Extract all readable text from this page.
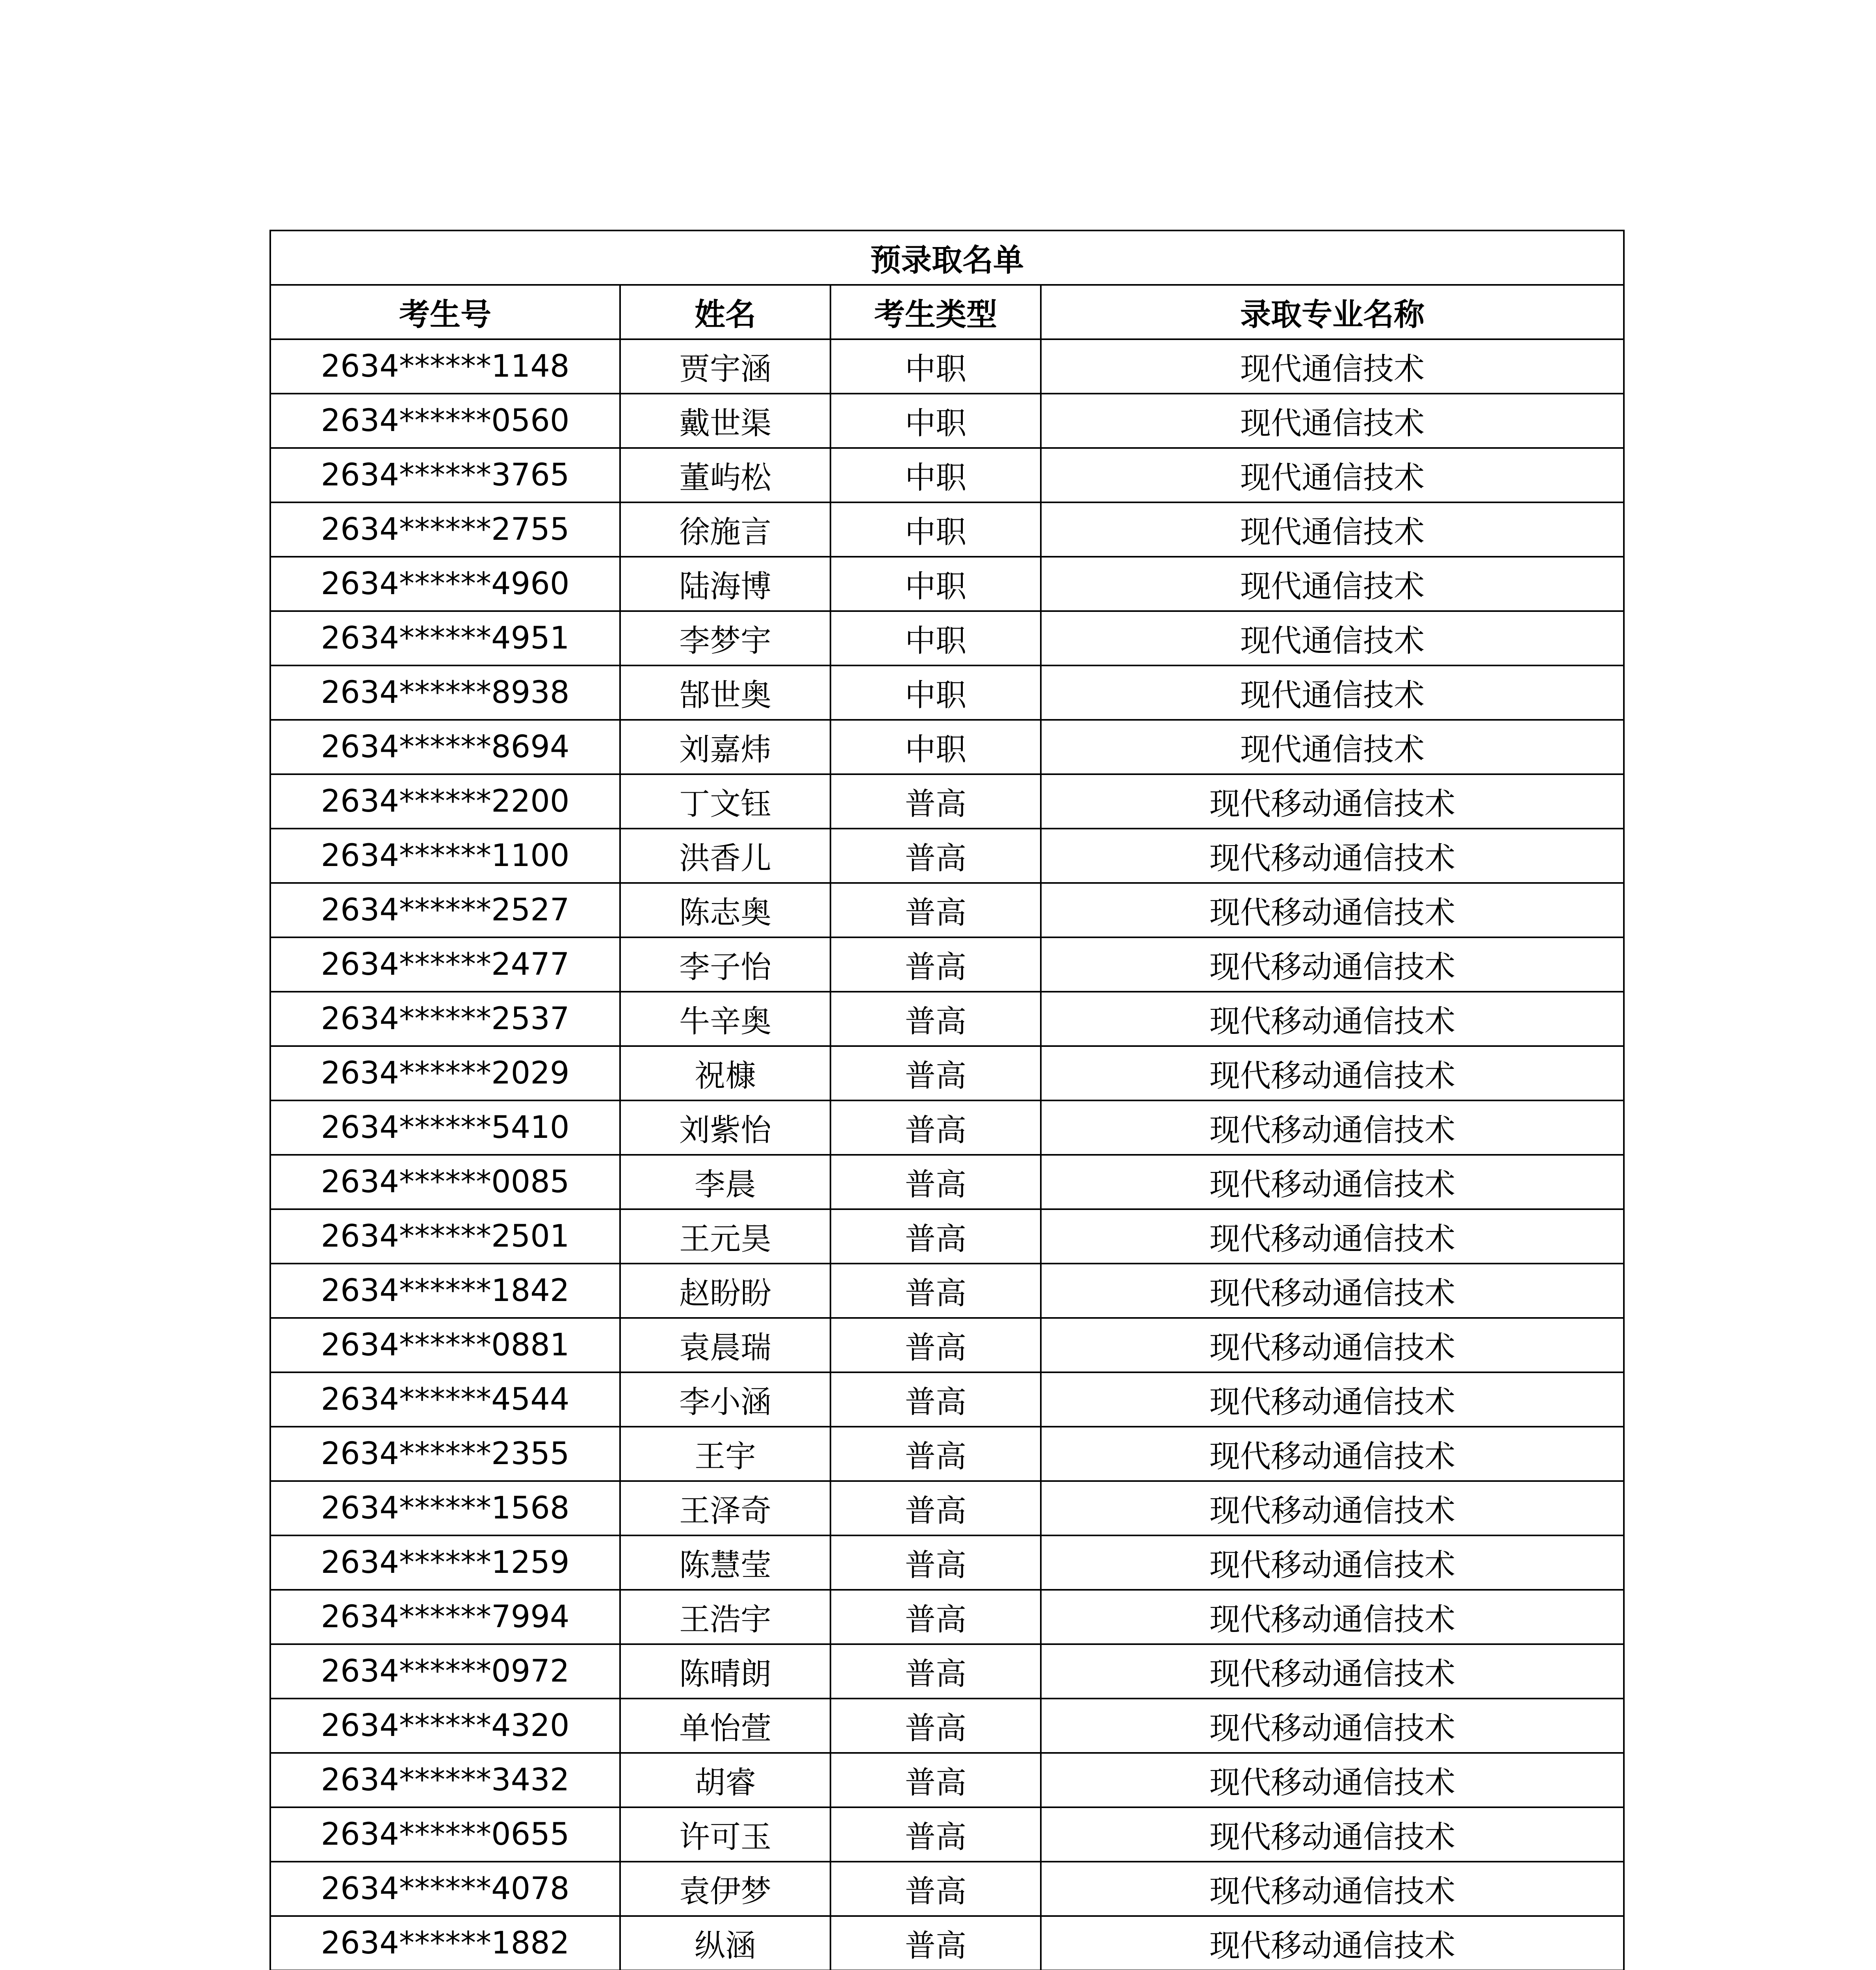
预录取名单			
考生号	姓名	考生类型	录取专业名称
2634******1148	贾宇涵	中职	现代通信技术
2634******0560	戴世渠	中职	现代通信技术
2634******3765	董屿松	中职	现代通信技术
2634******2755	徐施言	中职	现代通信技术
2634******4960	陆海博	中职	现代通信技术
2634******4951	李梦宇	中职	现代通信技术
2634******8938	郜世奥	中职	现代通信技术
2634******8694	刘嘉炜	中职	现代通信技术
2634******2200	丁文钰	普高	现代移动通信技术
2634******1100	洪香儿	普高	现代移动通信技术
2634******2527	陈志奥	普高	现代移动通信技术
2634******2477	李子怡	普高	现代移动通信技术
2634******2537	牛辛奥	普高	现代移动通信技术
2634******2029	祝槺	普高	现代移动通信技术
2634******5410	刘紫怡	普高	现代移动通信技术
2634******0085	李晨	普高	现代移动通信技术
2634******2501	王元昊	普高	现代移动通信技术
2634******1842	赵盼盼	普高	现代移动通信技术
2634******0881	袁晨瑞	普高	现代移动通信技术
2634******4544	李小涵	普高	现代移动通信技术
2634******2355	王宇	普高	现代移动通信技术
2634******1568	王泽奇	普高	现代移动通信技术
2634******1259	陈慧莹	普高	现代移动通信技术
2634******7994	王浩宇	普高	现代移动通信技术
2634******0972	陈晴朗	普高	现代移动通信技术
2634******4320	单怡萱	普高	现代移动通信技术
2634******3432	胡睿	普高	现代移动通信技术
2634******0655	许可玉	普高	现代移动通信技术
2634******4078	袁伊梦	普高	现代移动通信技术
2634******1882	纵涵	普高	现代移动通信技术
